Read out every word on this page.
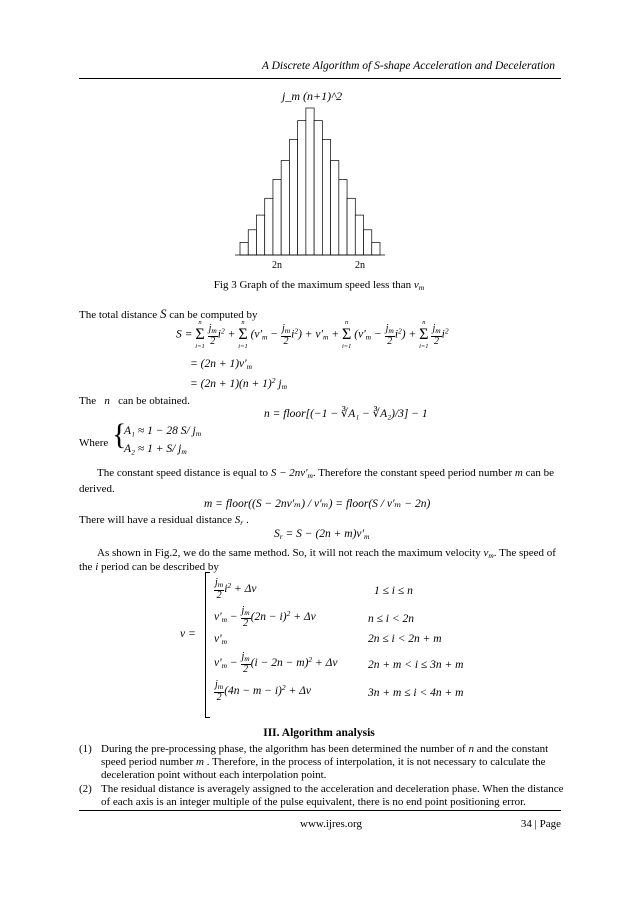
A Discrete Algorithm of S-shape Acceleration and Deceleration
j_m (n+1)^2
2n	2n
Fig 3 Graph of the maximum speed less than $v_m$
The total distance S can be computed by
S =
n
Σ
i=1
$\frac{j_m}{2} i^2$ +
n
Σ
i=1
$(v'_m - \frac{j_m}{2} i^2) + v'_m$ +
n
Σ
i=1
$(v'_m - \frac{j_m}{2} i^2)$ +
n
Σ
i=1
$\frac{j_m}{2} i^2$
= $(2n + 1)v'_m$
= $(2n + 1)(n + 1)^2$ $j_m$
The   n   can be obtained.
n = floor[(−1 − ∛A₁ − ∛A₂)/3] − 1
Where {
A₁ ≈ 1 − 28 S/ $j_m$
A₂ ≈ 1 + S/ $j_m$
The constant speed distance is equal to $S - 2nv'_m$. Therefore the constant speed period number m can be
derived.
m = floor((S − 2nv'ₘ) / v'ₘ) = floor(S / v'ₘ − 2n)
There will have a residual distance $S_r$ .
$S_r = S - (2n + m)v'_m$
As shown in Fig.2, we do the same method. So, it will not reach the maximum velocity $v_m$. The speed of
the i period can be described by
v =
$\frac{j_m}{2} i^2 + \Delta v$	1 ≤ i ≤ n
$v'_m - \frac{j_m}{2} (2n - i)^2 + \Delta v$	n ≤ i < 2n
$v'_m$	2n ≤ i < 2n + m
$v'_m - \frac{j_m}{2} (i - 2n - m)^2 + \Delta v$	2n + m < i ≤ 3n + m
$\frac{j_m}{2} (4n - m - i)^2 + \Delta v$	3n + m ≤ i < 4n + m
III. Algorithm analysis
(1) During the pre-processing phase, the algorithm has been determined the number of n and the constant speed period number m . Therefore, in the process of interpolation, it is not necessary to calculate the deceleration point without each interpolation point.
(2) The residual distance is averagely assigned to the acceleration and deceleration phase. When the distance of each axis is an integer multiple of the pulse equivalent, there is no end point positioning error.
www.ijres.org	34 | Page
